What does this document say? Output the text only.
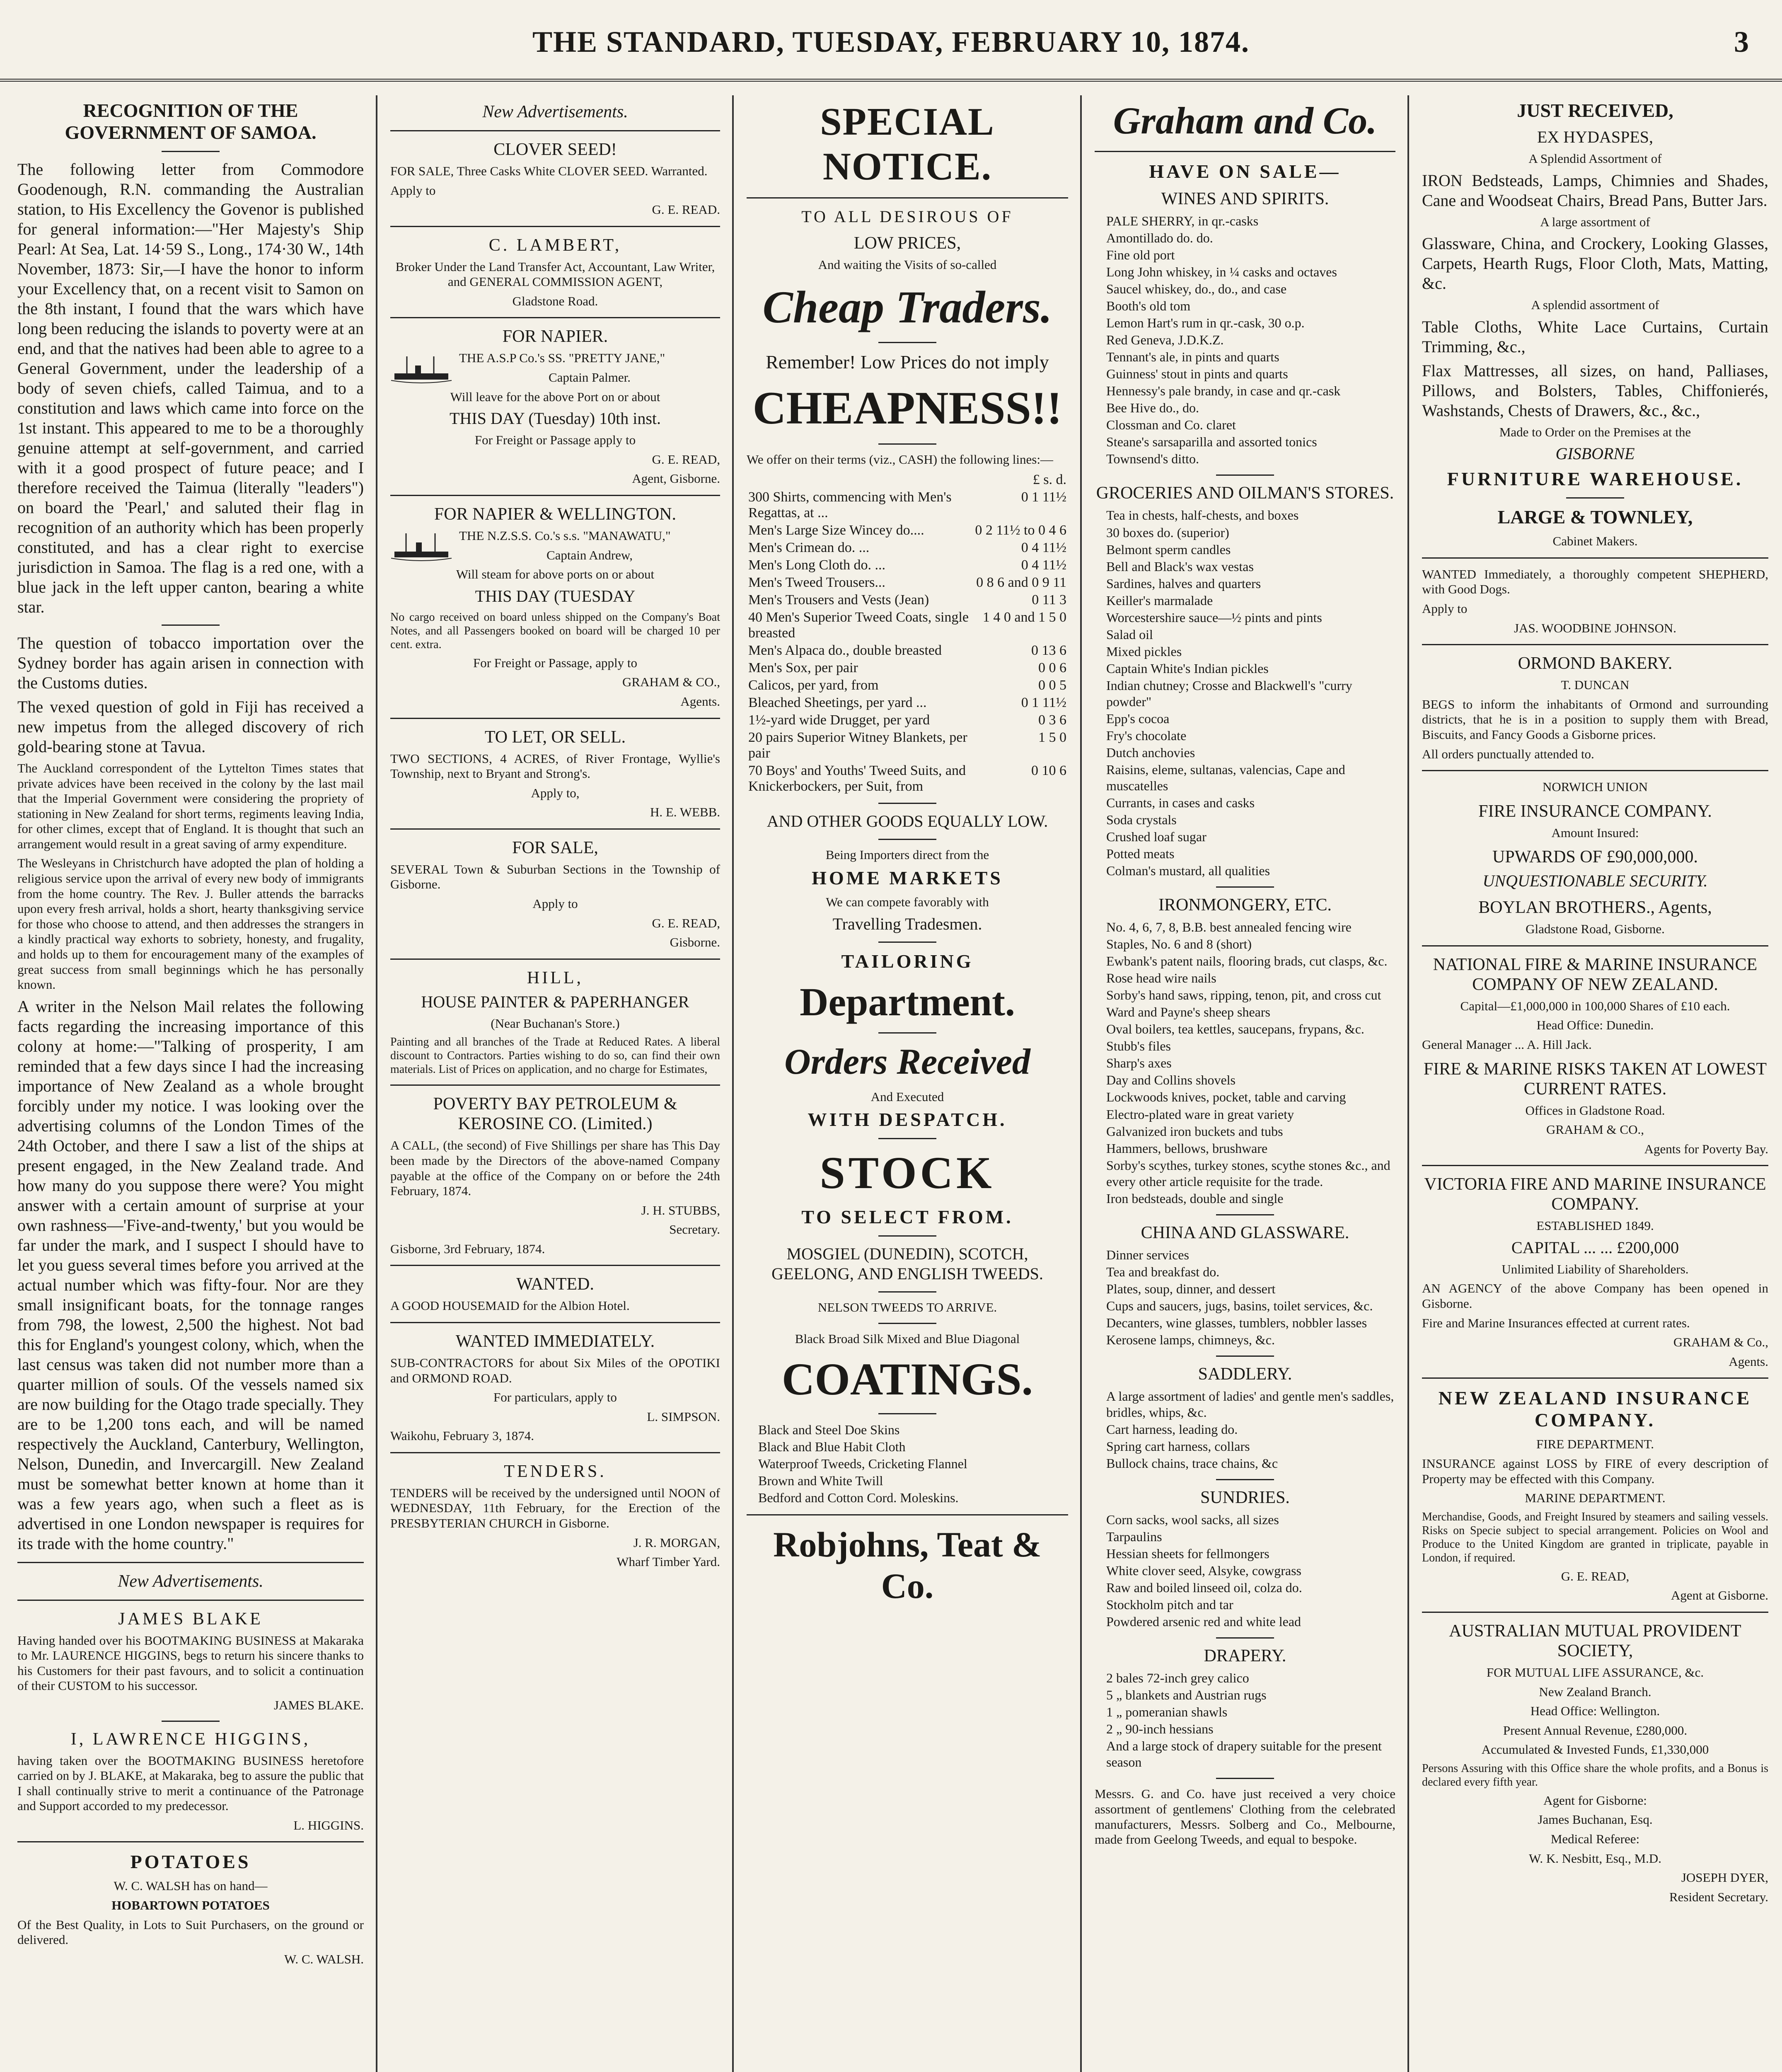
THE STANDARD, TUESDAY, FEBRUARY 10, 1874.	3
RECOGNITION OF THE GOVERNMENT OF SAMOA.

The following letter from Commodore Goodenough, R.N. commanding the Australian station, to His Excellency the Govenor is published for general information:—"Her Majesty's Ship Pearl: At Sea, Lat. 14·59 S., Long., 174·30 W., 14th November, 1873: Sir,—I have the honor to inform your Excellency that, on a recent visit to Samon on the 8th instant, I found that the wars which have long been reducing the islands to poverty were at an end, and that the natives had been able to agree to a General Government, under the leadership of a body of seven chiefs, called Taimua, and to a constitution and laws which came into force on the 1st instant. This appeared to me to be a thoroughly genuine attempt at self-government, and carried with it a good prospect of future peace; and I therefore received the Taimua (literally "leaders") on board the 'Pearl,' and saluted their flag in recognition of an authority which has been properly constituted, and has a clear right to exercise jurisdiction in Samoa. The flag is a red one, with a blue jack in the left upper canton, bearing a white star.

The question of tobacco importation over the Sydney border has again arisen in connection with the Customs duties.

The vexed question of gold in Fiji has received a new impetus from the alleged discovery of rich gold-bearing stone at Tavua.

The Auckland correspondent of the Lyttelton Times states that private advices have been received in the colony by the last mail that the Imperial Government were considering the propriety of stationing in New Zealand for short terms, regiments leaving India, for other climes, except that of England. It is thought that such an arrangement would result in a great saving of army expenditure.

The Wesleyans in Christchurch have adopted the plan of holding a religious service upon the arrival of every new body of immigrants from the home country. The Rev. J. Buller attends the barracks upon every fresh arrival, holds a short, hearty thanksgiving service for those who choose to attend, and then addresses the strangers in a kindly practical way exhorts to sobriety, honesty, and frugality, and holds up to them for encouragement many of the examples of great success from small beginnings which he has personally known.

A writer in the Nelson Mail relates the following facts regarding the increasing importance of this colony at home:—"Talking of prosperity, I am reminded that a few days since I had the increasing importance of New Zealand as a whole brought forcibly under my notice. I was looking over the advertising columns of the London Times of the 24th October, and there I saw a list of the ships at present engaged, in the New Zealand trade. And how many do you suppose there were? You might answer with a certain amount of surprise at your own rashness—'Five-and-twenty,' but you would be far under the mark, and I suspect I should have to let you guess several times before you arrived at the actual number which was fifty-four. Nor are they small insignificant boats, for the tonnage ranges from 798, the lowest, 2,500 the highest. Not bad this for England's youngest colony, which, when the last census was taken did not number more than a quarter million of souls. Of the vessels named six are now building for the Otago trade specially. They are to be 1,200 tons each, and will be named respectively the Auckland, Canterbury, Wellington, Nelson, Dunedin, and Invercargill. New Zealand must be somewhat better known at home than it was a few years ago, when such a fleet as is advertised in one London newspaper is requires for its trade with the home country."

New Advertisements.
JAMES BLAKE

Having handed over his BOOTMAKING BUSINESS at Makaraka to Mr. LAURENCE HIGGINS, begs to return his sincere thanks to his Customers for their past favours, and to solicit a continuation of their CUSTOM to his successor.

JAMES BLAKE.

I, LAWRENCE HIGGINS,

having taken over the BOOTMAKING BUSINESS heretofore carried on by J. BLAKE, at Makaraka, beg to assure the public that I shall continually strive to merit a continuance of the Patronage and Support accorded to my predecessor.

L. HIGGINS.

POTATOES

W. C. WALSH has on hand—

HOBARTOWN POTATOES

Of the Best Quality, in Lots to Suit Purchasers, on the ground or delivered.

W. C. WALSH.

New Advertisements.
CLOVER SEED!

FOR SALE, Three Casks White CLOVER SEED. Warranted.

Apply to

G. E. READ.

C. LAMBERT,

Broker Under the Land Transfer Act, Accountant, Law Writer, and GENERAL COMMISSION AGENT,

Gladstone Road.

FOR NAPIER.

THE A.S.P Co.'s SS. "PRETTY JANE,"

Captain Palmer.

Will leave for the above Port on or about

THIS DAY (Tuesday) 10th inst.

For Freight or Passage apply to

G. E. READ,

Agent, Gisborne.

FOR NAPIER & WELLINGTON.

THE N.Z.S.S. Co.'s s.s. "MANAWATU,"

Captain Andrew,

Will steam for above ports on or about

THIS DAY (TUESDAY

No cargo received on board unless shipped on the Company's Boat Notes, and all Passengers booked on board will be charged 10 per cent. extra.

For Freight or Passage, apply to

GRAHAM & CO.,

Agents.

TO LET, OR SELL.

TWO SECTIONS, 4 ACRES, of River Frontage, Wyllie's Township, next to Bryant and Strong's.

Apply to,

H. E. WEBB.

FOR SALE,

SEVERAL Town & Suburban Sections in the Township of Gisborne.

Apply to

G. E. READ,

Gisborne.

HILL,

HOUSE PAINTER & PAPERHANGER

(Near Buchanan's Store.)

Painting and all branches of the Trade at Reduced Rates. A liberal discount to Contractors. Parties wishing to do so, can find their own materials. List of Prices on application, and no charge for Estimates,

POVERTY BAY PETROLEUM & KEROSINE CO. (Limited.)

A CALL, (the second) of Five Shillings per share has This Day been made by the Directors of the above-named Company payable at the office of the Company on or before the 24th February, 1874.

J. H. STUBBS,

Secretary.

Gisborne, 3rd February, 1874.

WANTED.

A GOOD HOUSEMAID for the Albion Hotel.

WANTED IMMEDIATELY.

SUB-CONTRACTORS for about Six Miles of the OPOTIKI and ORMOND ROAD.

For particulars, apply to

L. SIMPSON.

Waikohu, February 3, 1874.

TENDERS.

TENDERS will be received by the undersigned until NOON of WEDNESDAY, 11th February, for the Erection of the PRESBYTERIAN CHURCH in Gisborne.

J. R. MORGAN,

Wharf Timber Yard.

SPECIAL NOTICE.

TO ALL DESIROUS OF

LOW PRICES,

And waiting the Visits of so-called

Cheap Traders.

Remember! Low Prices do not imply

CHEAPNESS!!

We offer on their terms (viz., CASH) the following lines:—

	£ s. d.
300 Shirts, commencing with Men's Regattas, at ...	0 1 11½
Men's Large Size Wincey do....	0 2 11½ to 0 4 6
Men's Crimean do. ...	0 4 11½
Men's Long Cloth do. ...	0 4 11½
Men's Tweed Trousers...	0 8 6 and 0 9 11
Men's Trousers and Vests (Jean)	0 11 3
40 Men's Superior Tweed Coats, single breasted	1 4 0 and 1 5 0
Men's Alpaca do., double breasted	0 13 6
Men's Sox, per pair	0 0 6
Calicos, per yard, from	0 0 5
Bleached Sheetings, per yard ...	0 1 11½
1½-yard wide Drugget, per yard	0 3 6
20 pairs Superior Witney Blankets, per pair	1 5 0
70 Boys' and Youths' Tweed Suits, and Knickerbockers, per Suit, from	0 10 6

AND OTHER GOODS EQUALLY LOW.

Being Importers direct from the

HOME MARKETS

We can compete favorably with

Travelling Tradesmen.

TAILORING
Department.
Orders Received

And Executed

WITH DESPATCH.
STOCK
TO SELECT FROM.

MOSGIEL (DUNEDIN), SCOTCH, GEELONG, AND ENGLISH TWEEDS.

NELSON TWEEDS TO ARRIVE.

Black Broad Silk Mixed and Blue Diagonal

COATINGS.
Black and Steel Doe Skins
Black and Blue Habit Cloth
Waterproof Tweeds, Cricketing Flannel
Brown and White Twill
Bedford and Cotton Cord. Moleskins.
Robjohns, Teat & Co.
Graham and Co.
HAVE ON SALE—
WINES AND SPIRITS.
PALE SHERRY, in qr.-casks
Amontillado do. do.
Fine old port
Long John whiskey, in ¼ casks and octaves
Saucel whiskey, do., do., and case
Booth's old tom
Lemon Hart's rum in qr.-cask, 30 o.p.
Red Geneva, J.D.K.Z.
Tennant's ale, in pints and quarts
Guinness' stout in pints and quarts
Hennessy's pale brandy, in case and qr.-cask
Bee Hive do., do.
Clossman and Co. claret
Steane's sarsaparilla and assorted tonics
Townsend's ditto.
GROCERIES AND OILMAN'S STORES.
Tea in chests, half-chests, and boxes
30 boxes do. (superior)
Belmont sperm candles
Bell and Black's wax vestas
Sardines, halves and quarters
Keiller's marmalade
Worcestershire sauce—½ pints and pints
Salad oil
Mixed pickles
Captain White's Indian pickles
Indian chutney; Crosse and Blackwell's "curry powder"
Epp's cocoa
Fry's chocolate
Dutch anchovies
Raisins, eleme, sultanas, valencias, Cape and muscatelles
Currants, in cases and casks
Soda crystals
Crushed loaf sugar
Potted meats
Colman's mustard, all qualities
IRONMONGERY, ETC.
No. 4, 6, 7, 8, B.B. best annealed fencing wire
Staples, No. 6 and 8 (short)
Ewbank's patent nails, flooring brads, cut clasps, &c.
Rose head wire nails
Sorby's hand saws, ripping, tenon, pit, and cross cut
Ward and Payne's sheep shears
Oval boilers, tea kettles, saucepans, frypans, &c.
Stubb's files
Sharp's axes
Day and Collins shovels
Lockwoods knives, pocket, table and carving
Electro-plated ware in great variety
Galvanized iron buckets and tubs
Hammers, bellows, brushware
Sorby's scythes, turkey stones, scythe stones &c., and every other article requisite for the trade.
Iron bedsteads, double and single
CHINA AND GLASSWARE.
Dinner services
Tea and breakfast do.
Plates, soup, dinner, and dessert
Cups and saucers, jugs, basins, toilet services, &c.
Decanters, wine glasses, tumblers, nobbler lasses
Kerosene lamps, chimneys, &c.
SADDLERY.
A large assortment of ladies' and gentle men's saddles, bridles, whips, &c.
Cart harness, leading do.
Spring cart harness, collars
Bullock chains, trace chains, &c
SUNDRIES.
Corn sacks, wool sacks, all sizes
Tarpaulins
Hessian sheets for fellmongers
White clover seed, Alsyke, cowgrass
Raw and boiled linseed oil, colza do.
Stockholm pitch and tar
Powdered arsenic red and white lead
DRAPERY.
2 bales 72-inch grey calico
5 „ blankets and Austrian rugs
1 „ pomeranian shawls
2 „ 90-inch hessians
And a large stock of drapery suitable for the present season

Messrs. G. and Co. have just received a very choice assortment of gentlemens' Clothing from the celebrated manufacturers, Messrs. Solberg and Co., Melbourne, made from Geelong Tweeds, and equal to bespoke.

JUST RECEIVED,

EX HYDASPES,

A Splendid Assortment of

IRON Bedsteads, Lamps, Chimnies and Shades, Cane and Woodseat Chairs, Bread Pans, Butter Jars.

A large assortment of

Glassware, China, and Crockery, Looking Glasses, Carpets, Hearth Rugs, Floor Cloth, Mats, Matting, &c.

A splendid assortment of

Table Cloths, White Lace Curtains, Curtain Trimming, &c.,

Flax Mattresses, all sizes, on hand, Palliases, Pillows, and Bolsters, Tables, Chiffonierés, Washstands, Chests of Drawers, &c., &c.,

Made to Order on the Premises at the

GISBORNE

FURNITURE WAREHOUSE.
LARGE & TOWNLEY,

Cabinet Makers.

WANTED Immediately, a thoroughly competent SHEPHERD, with Good Dogs.

Apply to

JAS. WOODBINE JOHNSON.

ORMOND BAKERY.

T. DUNCAN

BEGS to inform the inhabitants of Ormond and surrounding districts, that he is in a position to supply them with Bread, Biscuits, and Fancy Goods a Gisborne prices.

All orders punctually attended to.

NORWICH UNION

FIRE INSURANCE COMPANY.

Amount Insured:

UPWARDS OF £90,000,000.

UNQUESTIONABLE SECURITY.

BOYLAN BROTHERS., Agents,

Gladstone Road, Gisborne.

NATIONAL FIRE & MARINE INSURANCE COMPANY OF NEW ZEALAND.

Capital—£1,000,000 in 100,000 Shares of £10 each.

Head Office: Dunedin.

General Manager ... A. Hill Jack.

FIRE & MARINE RISKS TAKEN AT LOWEST CURRENT RATES.

Offices in Gladstone Road.

GRAHAM & CO.,

Agents for Poverty Bay.

VICTORIA FIRE AND MARINE INSURANCE COMPANY.

ESTABLISHED 1849.

CAPITAL ... ... £200,000

Unlimited Liability of Shareholders.

AN AGENCY of the above Company has been opened in Gisborne.

Fire and Marine Insurances effected at current rates.

GRAHAM & Co.,

Agents.

NEW ZEALAND INSURANCE COMPANY.

FIRE DEPARTMENT.

INSURANCE against LOSS by FIRE of every description of Property may be effected with this Company.

MARINE DEPARTMENT.

Merchandise, Goods, and Freight Insured by steamers and sailing vessels. Risks on Specie subject to special arrangement. Policies on Wool and Produce to the United Kingdom are granted in triplicate, payable in London, if required.

G. E. READ,

Agent at Gisborne.

AUSTRALIAN MUTUAL PROVIDENT SOCIETY,

FOR MUTUAL LIFE ASSURANCE, &c.

New Zealand Branch.

Head Office: Wellington.

Present Annual Revenue, £280,000.

Accumulated & Invested Funds, £1,330,000

Persons Assuring with this Office share the whole profits, and a Bonus is declared every fifth year.

Agent for Gisborne:

James Buchanan, Esq.

Medical Referee:

W. K. Nesbitt, Esq., M.D.

JOSEPH DYER,

Resident Secretary.
